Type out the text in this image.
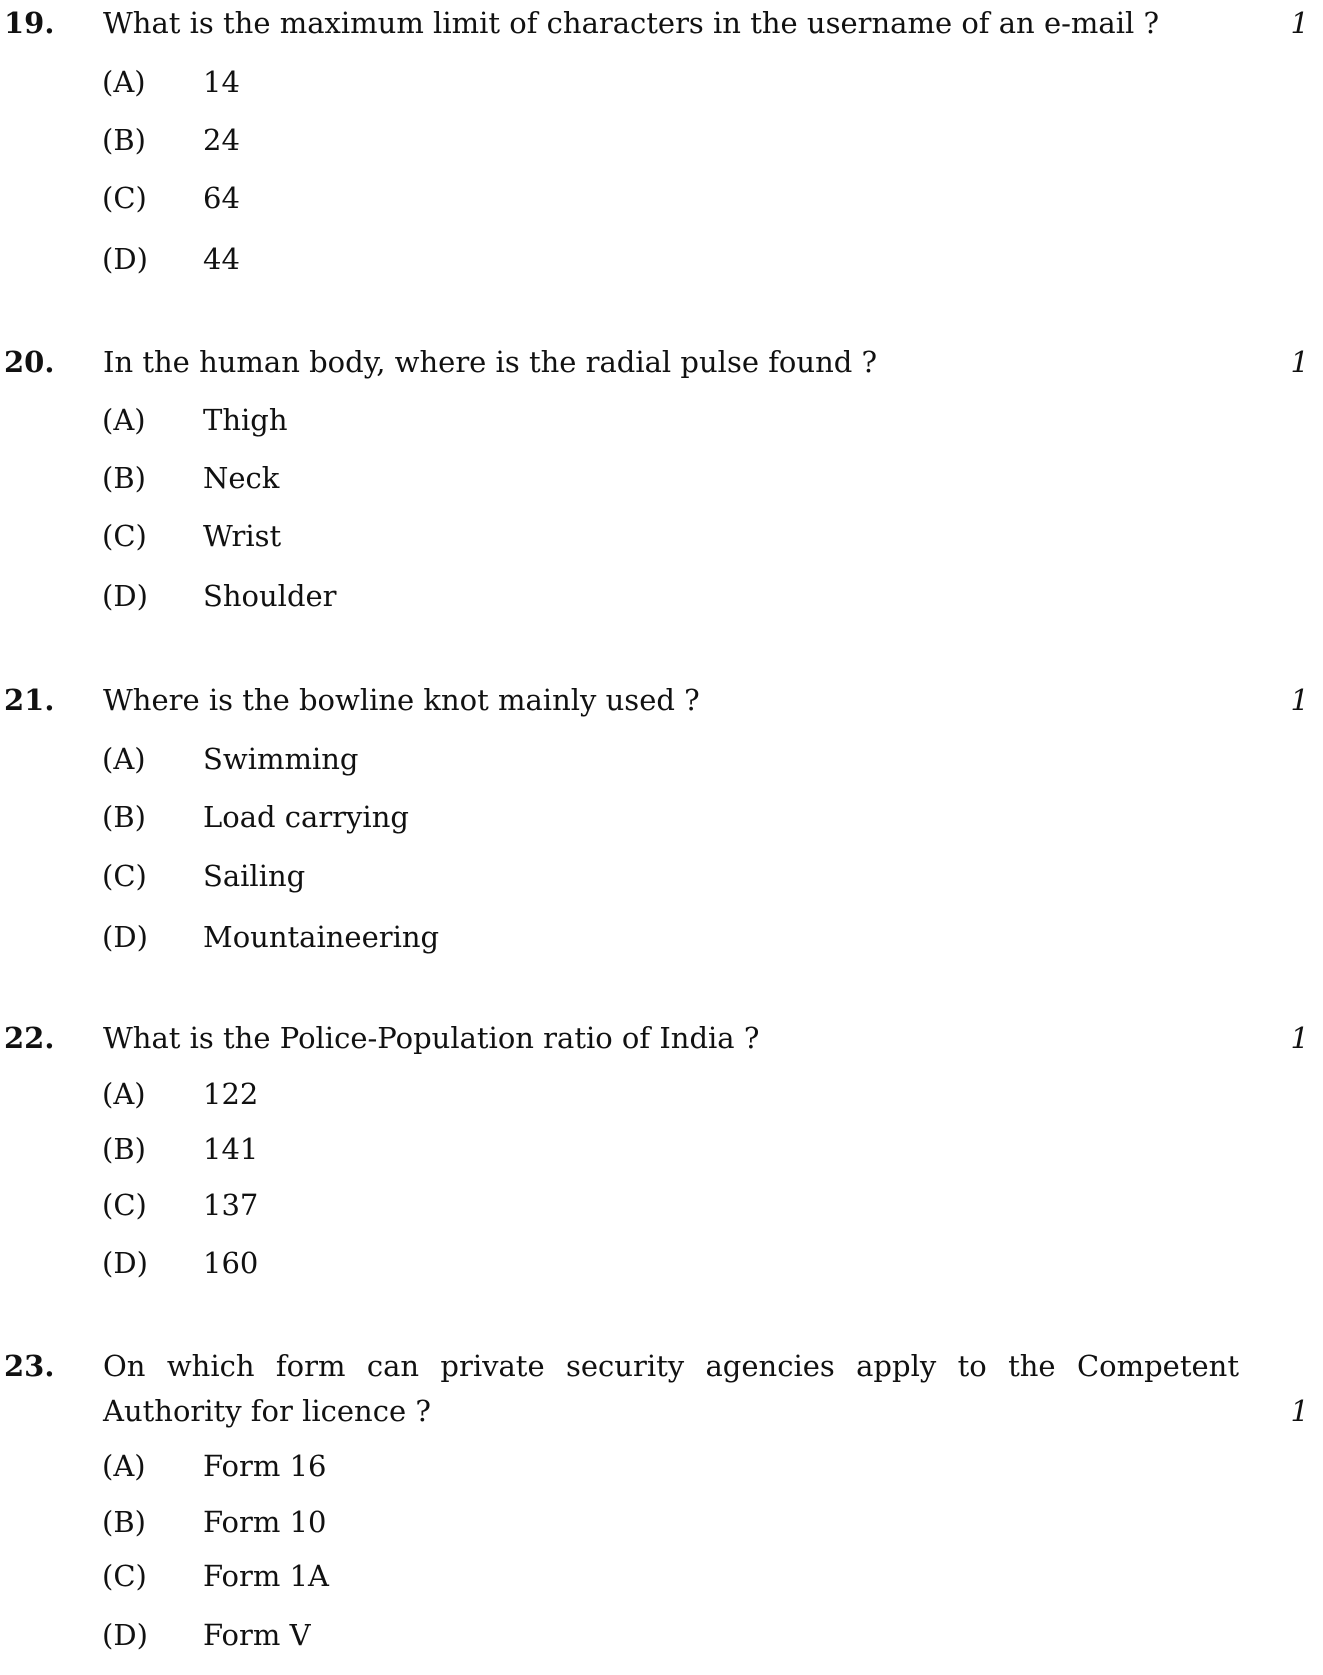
19. What is the maximum limit of characters in the username of an e-mail ?	1
(A) 14
(B) 24
(C) 64
(D) 44
20. In the human body, where is the radial pulse found ?	1
(A) Thigh
(B) Neck
(C) Wrist
(D) Shoulder
21. Where is the bowline knot mainly used ?	1
(A) Swimming
(B) Load carrying
(C) Sailing
(D) Mountaineering
22. What is the Police-Population ratio of India ?	1
(A) 122
(B) 141
(C) 137
(D) 160
23. On which form can private security agencies apply to the Competent
Authority for licence ?	1
(A) Form 16
(B) Form 10
(C) Form 1A
(D) Form V
